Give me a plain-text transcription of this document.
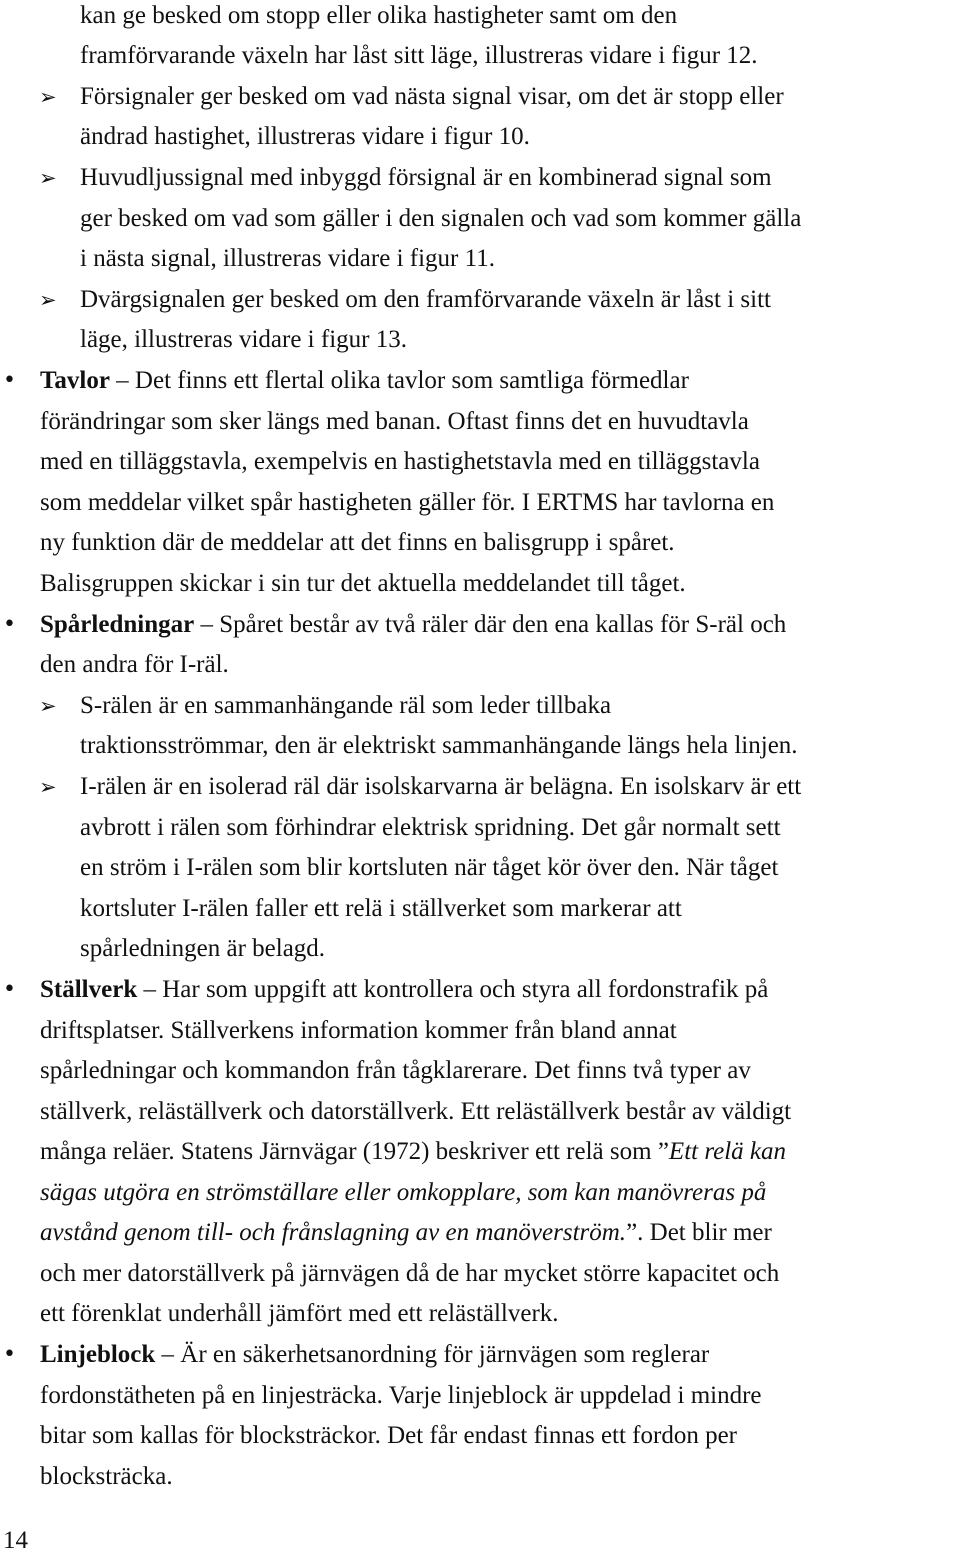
kan ge besked om stopp eller olika hastigheter samt om den
framförvarande växeln har låst sitt läge, illustreras vidare i figur 12.
➢ Försignaler ger besked om vad nästa signal visar, om det är stopp eller
ändrad hastighet, illustreras vidare i figur 10.
➢ Huvudljussignal med inbyggd försignal är en kombinerad signal som
ger besked om vad som gäller i den signalen och vad som kommer gälla
i nästa signal, illustreras vidare i figur 11.
➢ Dvärgsignalen ger besked om den framförvarande växeln är låst i sitt
läge, illustreras vidare i figur 13.
• Tavlor – Det finns ett flertal olika tavlor som samtliga förmedlar
förändringar som sker längs med banan. Oftast finns det en huvudtavla
med en tilläggstavla, exempelvis en hastighetstavla med en tilläggstavla
som meddelar vilket spår hastigheten gäller för. I ERTMS har tavlorna en
ny funktion där de meddelar att det finns en balisgrupp i spåret.
Balisgruppen skickar i sin tur det aktuella meddelandet till tåget.
• Spårledningar – Spåret består av två räler där den ena kallas för S-räl och
den andra för I-räl.
➢ S-rälen är en sammanhängande räl som leder tillbaka
traktionsströmmar, den är elektriskt sammanhängande längs hela linjen.
➢ I-rälen är en isolerad räl där isolskarvarna är belägna. En isolskarv är ett
avbrott i rälen som förhindrar elektrisk spridning. Det går normalt sett
en ström i I-rälen som blir kortsluten när tåget kör över den. När tåget
kortsluter I-rälen faller ett relä i ställverket som markerar att
spårledningen är belagd.
• Ställverk – Har som uppgift att kontrollera och styra all fordonstrafik på
driftsplatser. Ställverkens information kommer från bland annat
spårledningar och kommandon från tågklarerare. Det finns två typer av
ställverk, reläställverk och datorställverk. Ett reläställverk består av väldigt
många reläer. Statens Järnvägar (1972) beskriver ett relä som ”Ett relä kan
sägas utgöra en strömställare eller omkopplare, som kan manövreras på
avstånd genom till- och frånslagning av en manöverström.”. Det blir mer
och mer datorställverk på järnvägen då de har mycket större kapacitet och
ett förenklat underhåll jämfört med ett reläställverk.
• Linjeblock – Är en säkerhetsanordning för järnvägen som reglerar
fordonstätheten på en linjesträcka. Varje linjeblock är uppdelad i mindre
bitar som kallas för blocksträckor. Det får endast finnas ett fordon per
blocksträcka.
14
